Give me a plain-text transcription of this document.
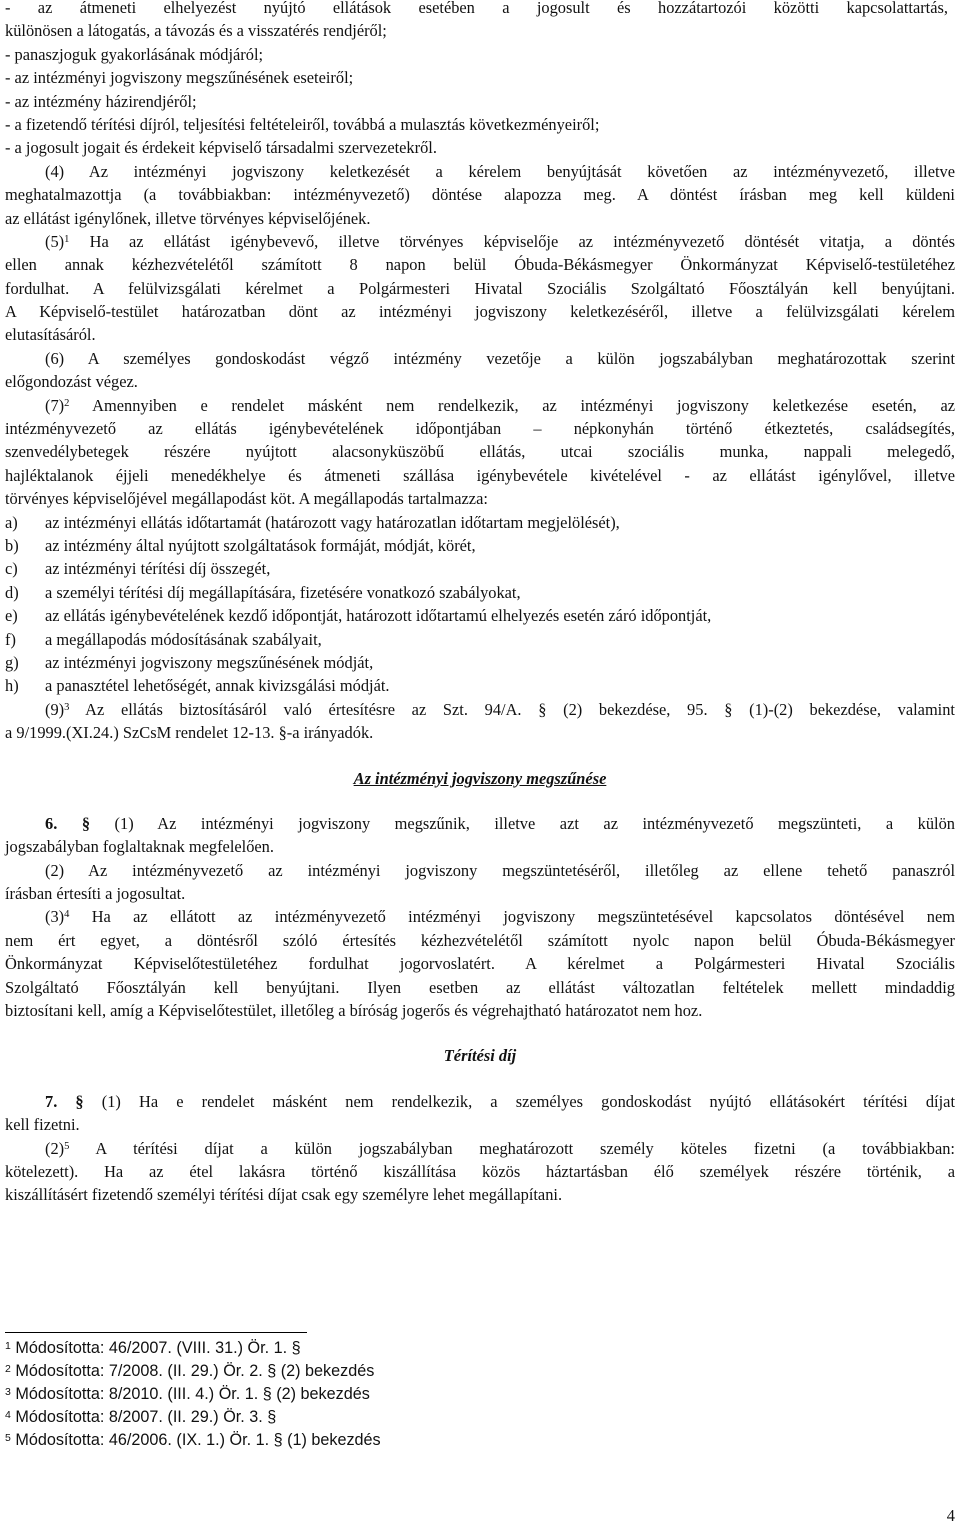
- az átmeneti elhelyezést nyújtó ellátások esetében a jogosult és hozzátartozói közötti kapcsolattartás,
különösen a látogatás, a távozás és a visszatérés rendjéről;
- panaszjoguk gyakorlásának módjáról;
- az intézményi jogviszony megszűnésének eseteiről;
- az intézmény házirendjéről;
- a fizetendő térítési díjról, teljesítési feltételeiről, továbbá a mulasztás következményeiről;
- a jogosult jogait és érdekeit képviselő társadalmi szervezetekről.
(4) Az intézményi jogviszony keletkezését a kérelem benyújtását követően az intézményvezető, illetve
meghatalmazottja (a továbbiakban: intézményvezető) döntése alapozza meg. A döntést írásban meg kell küldeni
az ellátást igénylőnek, illetve törvényes képviselőjének.
$(5)^1$ Ha az ellátást igénybevevő, illetve törvényes képviselője az intézményvezető döntését vitatja, a döntés
ellen annak kézhezvételétől számított 8 napon belül Óbuda-Békásmegyer Önkormányzat Képviselő-testületéhez
fordulhat. A felülvizsgálati kérelmet a Polgármesteri Hivatal Szociális Szolgáltató Főosztályán kell benyújtani.
A Képviselő-testület határozatban dönt az intézményi jogviszony keletkezéséről, illetve a felülvizsgálati kérelem
elutasításáról.
(6) A személyes gondoskodást végző intézmény vezetője a külön jogszabályban meghatározottak szerint
előgondozást végez.
$(7)^2$ Amennyiben e rendelet másként nem rendelkezik, az intézményi jogviszony keletkezése esetén, az
intézményvezető az ellátás igénybevételének időpontjában – népkonyhán történő étkeztetés, családsegítés,
szenvedélybetegek részére nyújtott alacsonyküszöbű ellátás, utcai szociális munka, nappali melegedő,
hajléktalanok éjjeli menedékhelye és átmeneti szállása igénybevétele kivételével - az ellátást igénylővel, illetve
törvényes képviselőjével megállapodást köt. A megállapodás tartalmazza:
a) az intézményi ellátás időtartamát (határozott vagy határozatlan időtartam megjelölését),
b) az intézmény által nyújtott szolgáltatások formáját, módját, körét,
c) az intézményi térítési díj összegét,
d) a személyi térítési díj megállapítására, fizetésére vonatkozó szabályokat,
e) az ellátás igénybevételének kezdő időpontját, határozott időtartamú elhelyezés esetén záró időpontját,
f) a megállapodás módosításának szabályait,
g) az intézményi jogviszony megszűnésének módját,
h) a panasztétel lehetőségét, annak kivizsgálási módját.
$(9)^3$ Az ellátás biztosításáról való értesítésre az Szt. 94/A. § (2) bekezdése, 95. § (1)-(2) bekezdése, valamint
a 9/1999.(XI.24.) SzCsM rendelet 12-13. §-a irányadók.
Az intézményi jogviszony megszűnése
6. § (1) Az intézményi jogviszony megszűnik, illetve azt az intézményvezető megszünteti, a külön
jogszabályban foglaltaknak megfelelően.
(2) Az intézményvezető az intézményi jogviszony megszüntetéséről, illetőleg az ellene tehető panaszról
írásban értesíti a jogosultat.
$(3)^4$ Ha az ellátott az intézményvezető intézményi jogviszony megszüntetésével kapcsolatos döntésével nem
nem ért egyet, a döntésről szóló értesítés kézhezvételétől számított nyolc napon belül Óbuda-Békásmegyer
Önkormányzat Képviselőtestületéhez fordulhat jogorvoslatért. A kérelmet a Polgármesteri Hivatal Szociális
Szolgáltató Főosztályán kell benyújtani. Ilyen esetben az ellátást változatlan feltételek mellett mindaddig
biztosítani kell, amíg a Képviselőtestület, illetőleg a bíróság jogerős és végrehajtható határozatot nem hoz.
Térítési díj
7. § (1) Ha e rendelet másként nem rendelkezik, a személyes gondoskodást nyújtó ellátásokért térítési díjat
kell fizetni.
$(2)^5$ A térítési díjat a külön jogszabályban meghatározott személy köteles fizetni (a továbbiakban:
kötelezett). Ha az étel lakásra történő kiszállítása közös háztartásban élő személyek részére történik, a
kiszállításért fizetendő személyi térítési díjat csak egy személyre lehet megállapítani.
$^1$ Módosította: 46/2007. (VIII. 31.) Ör. 1. §
$^2$ Módosította: 7/2008. (II. 29.) Ör. 2. § (2) bekezdés
$^3$ Módosította: 8/2010. (III. 4.) Ör. 1. § (2) bekezdés
$^4$ Módosította: 8/2007. (II. 29.) Ör. 3. §
$^5$ Módosította: 46/2006. (IX. 1.) Ör. 1. § (1) bekezdés
4
